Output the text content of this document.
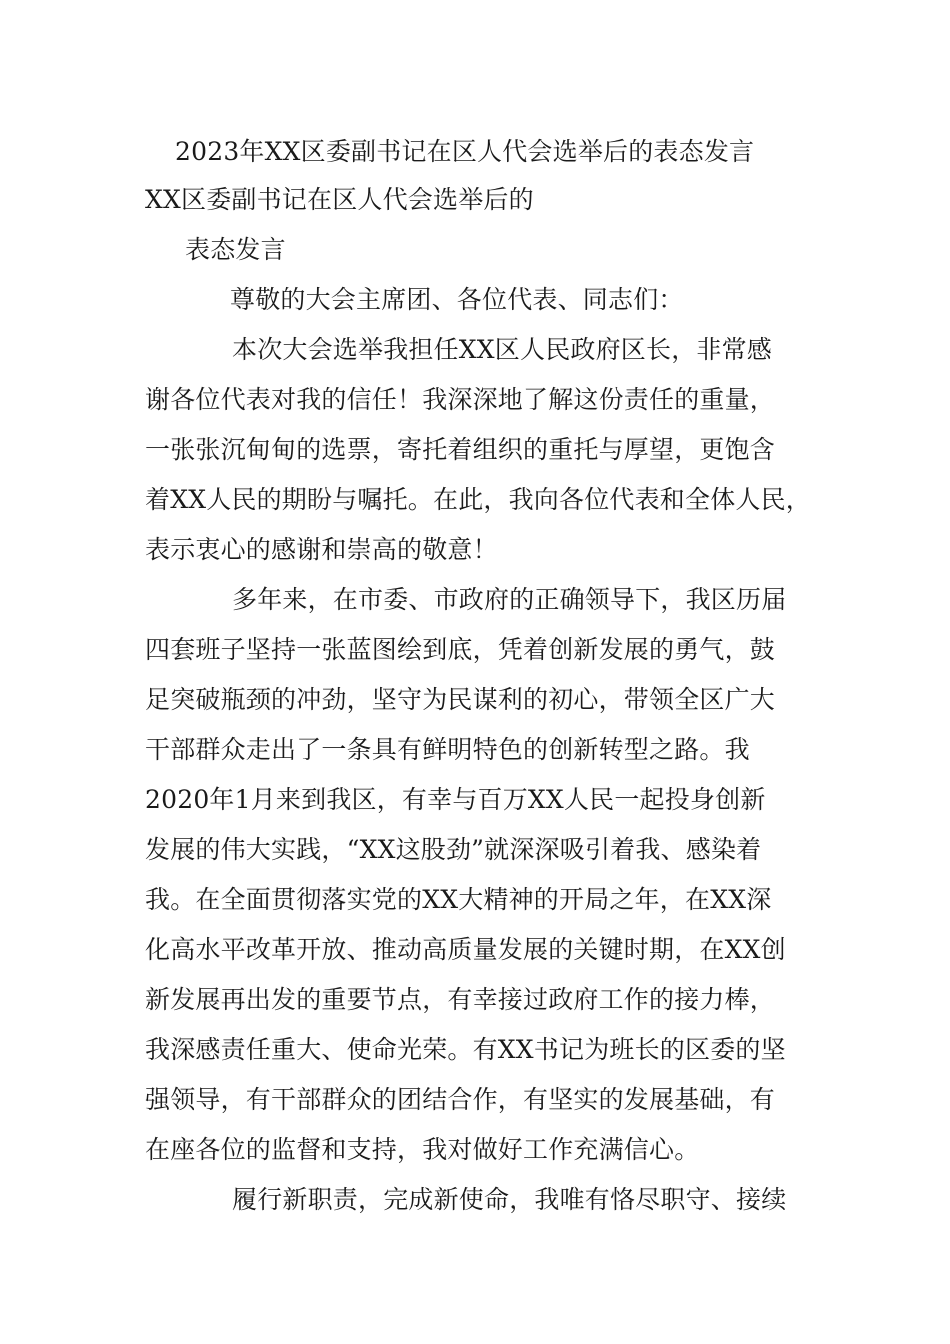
2023年XX区委副书记在区人代会选举后的表态发言
XX区委副书记在区人代会选举后的
表态发言
尊敬的大会主席团、各位代表、同志们：
本次大会选举我担任XX区人民政府区长，非常感
谢各位代表对我的信任！我深深地了解这份责任的重量，
一张张沉甸甸的选票，寄托着组织的重托与厚望，更饱含
着XX人民的期盼与嘱托。在此，我向各位代表和全体人民，
表示衷心的感谢和崇高的敬意！
多年来，在市委、市政府的正确领导下，我区历届
四套班子坚持一张蓝图绘到底，凭着创新发展的勇气，鼓
足突破瓶颈的冲劲，坚守为民谋利的初心，带领全区广大
干部群众走出了一条具有鲜明特色的创新转型之路。我
2020年1月来到我区，有幸与百万XX人民一起投身创新
发展的伟大实践，“XX这股劲”就深深吸引着我、感染着
我。在全面贯彻落实党的XX大精神的开局之年，在XX深
化高水平改革开放、推动高质量发展的关键时期，在XX创
新发展再出发的重要节点，有幸接过政府工作的接力棒，
我深感责任重大、使命光荣。有XX书记为班长的区委的坚
强领导，有干部群众的团结合作，有坚实的发展基础，有
在座各位的监督和支持，我对做好工作充满信心。
履行新职责，完成新使命，我唯有恪尽职守、接续
